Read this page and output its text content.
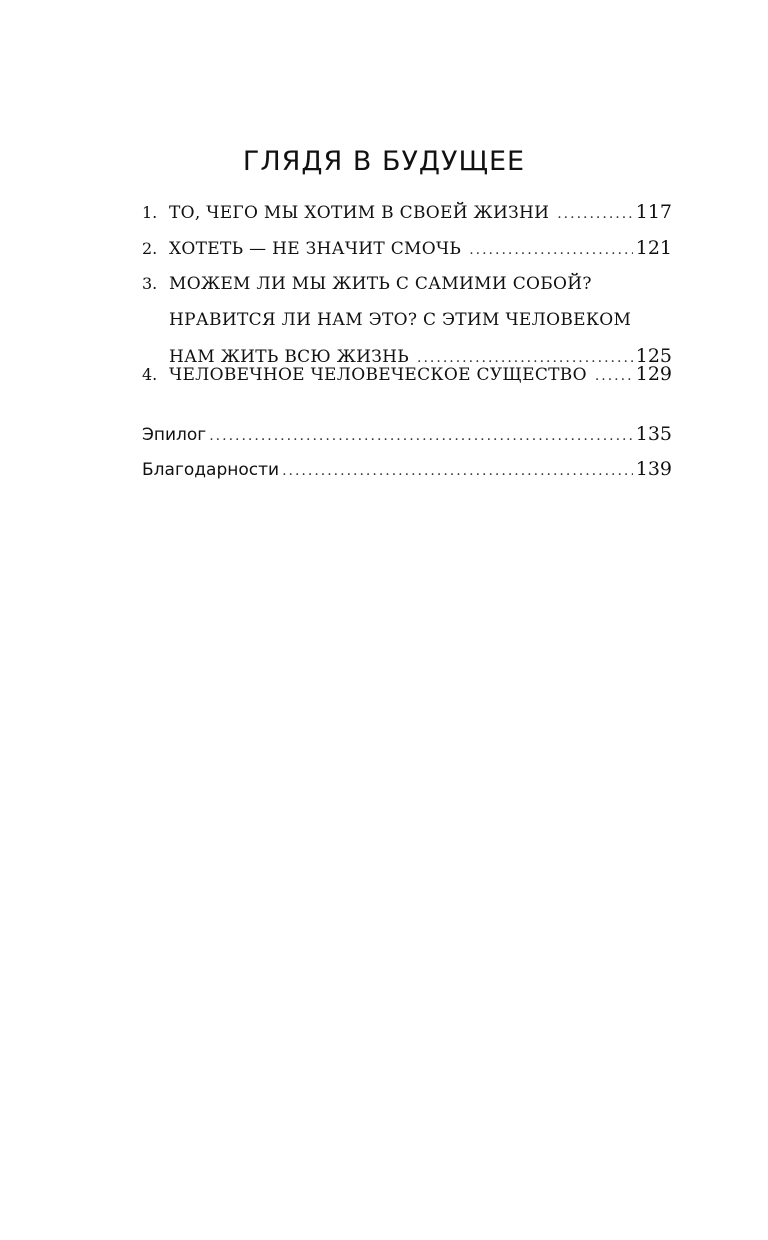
ГЛЯДЯ В БУДУЩЕЕ
1. ТО, ЧЕГО МЫ ХОТИМ В СВОЕЙ ЖИЗНИ .....	117
2. ХОТЕТЬ — НЕ ЗНАЧИТ СМОЧЬ .....	121
3. МОЖЕМ ЛИ МЫ ЖИТЬ С САМИМИ СОБОЙ?
НРАВИТСЯ ЛИ НАМ ЭТО? С ЭТИМ ЧЕЛОВЕКОМ
НАМ ЖИТЬ ВСЮ ЖИЗНЬ .....	125
4. ЧЕЛОВЕЧНОЕ ЧЕЛОВЕЧЕСКОЕ СУЩЕСТВО .....	129
Эпилог .....	135
Благодарности .....	139
